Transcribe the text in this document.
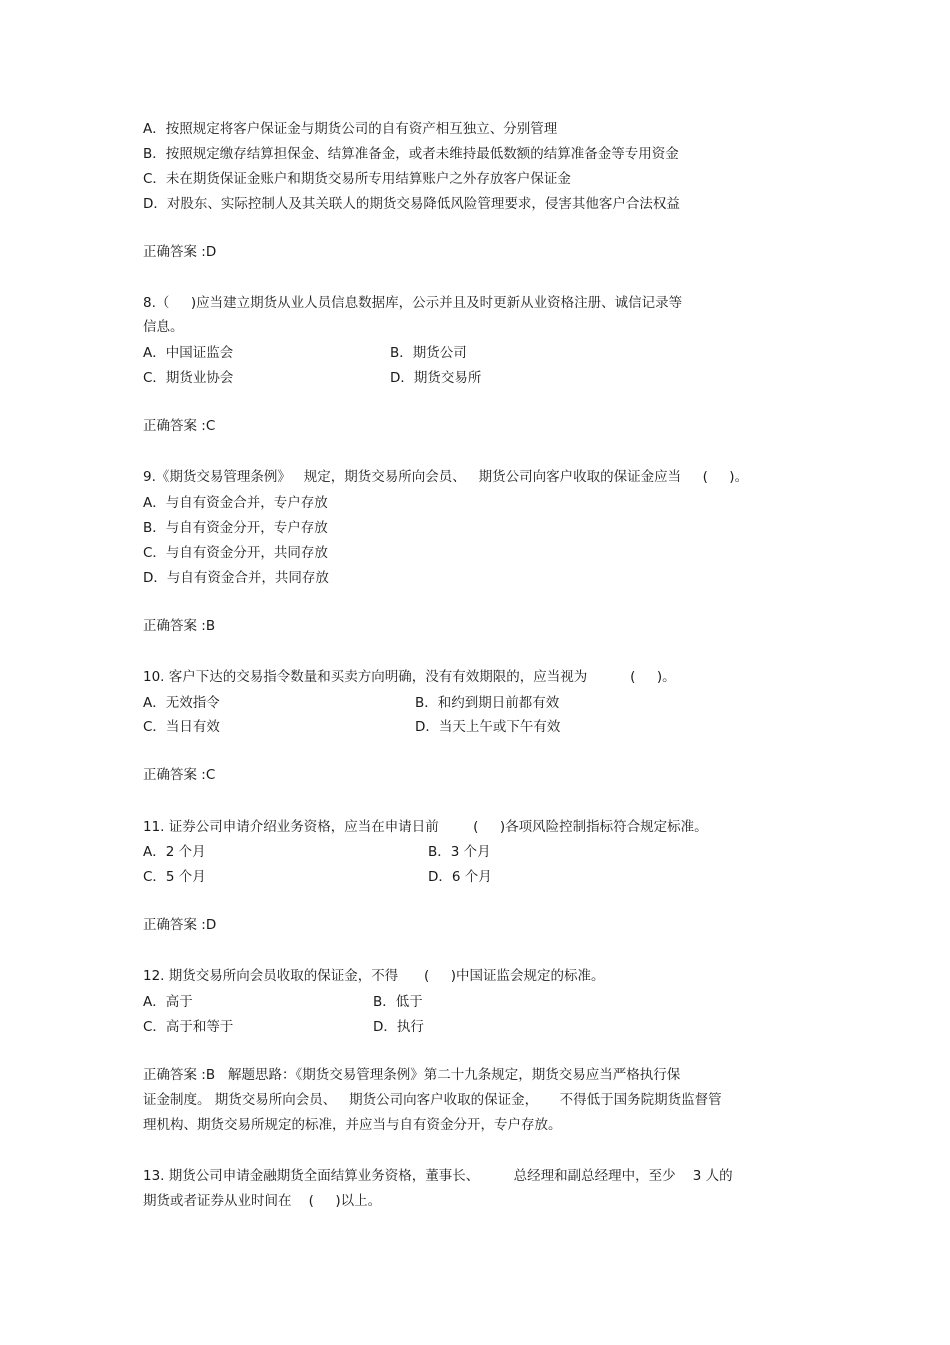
A．按照规定将客户保证金与期货公司的自有资产相互独立、分别管理
B．按照规定缴存结算担保金、结算准备金，或者未维持最低数额的结算准备金等专用资金
C．未在期货保证金账户和期货交易所专用结算账户之外存放客户保证金
D．对股东、实际控制人及其关联人的期货交易降低风险管理要求，侵害其他客户合法权益
正确答案 :D
8.（     )应当建立期货从业人员信息数据库，公示并且及时更新从业资格注册、诚信记录等
信息。
A．中国证监会	B．期货公司
C．期货业协会	D．期货交易所
正确答案 :C
9.《期货交易管理条例》   规定，期货交易所向会员、   期货公司向客户收取的保证金应当     (     )。
A．与自有资金合并，专户存放
B．与自有资金分开，专户存放
C．与自有资金分开，共同存放
D．与自有资金合并，共同存放
正确答案 :B
10. 客户下达的交易指令数量和买卖方向明确，没有有效期限的，应当视为          (     )。
A．无效指令	B．和约到期日前都有效
C．当日有效	D．当天上午或下午有效
正确答案 :C
11. 证券公司申请介绍业务资格，应当在申请日前        (     )各项风险控制指标符合规定标准。
A．2 个月	B．3 个月
C．5 个月	D．6 个月
正确答案 :D
12. 期货交易所向会员收取的保证金，不得      (     )中国证监会规定的标准。
A．高于	B．低于
C．高于和等于	D．执行
正确答案 :B   解题思路：《期货交易管理条例》第二十九条规定，期货交易应当严格执行保
证金制度。 期货交易所向会员、   期货公司向客户收取的保证金，     不得低于国务院期货监督管
理机构、期货交易所规定的标准，并应当与自有资金分开，专户存放。
13. 期货公司申请金融期货全面结算业务资格，董事长、        总经理和副总经理中，至少    3 人的
期货或者证券从业时间在    (     )以上。
